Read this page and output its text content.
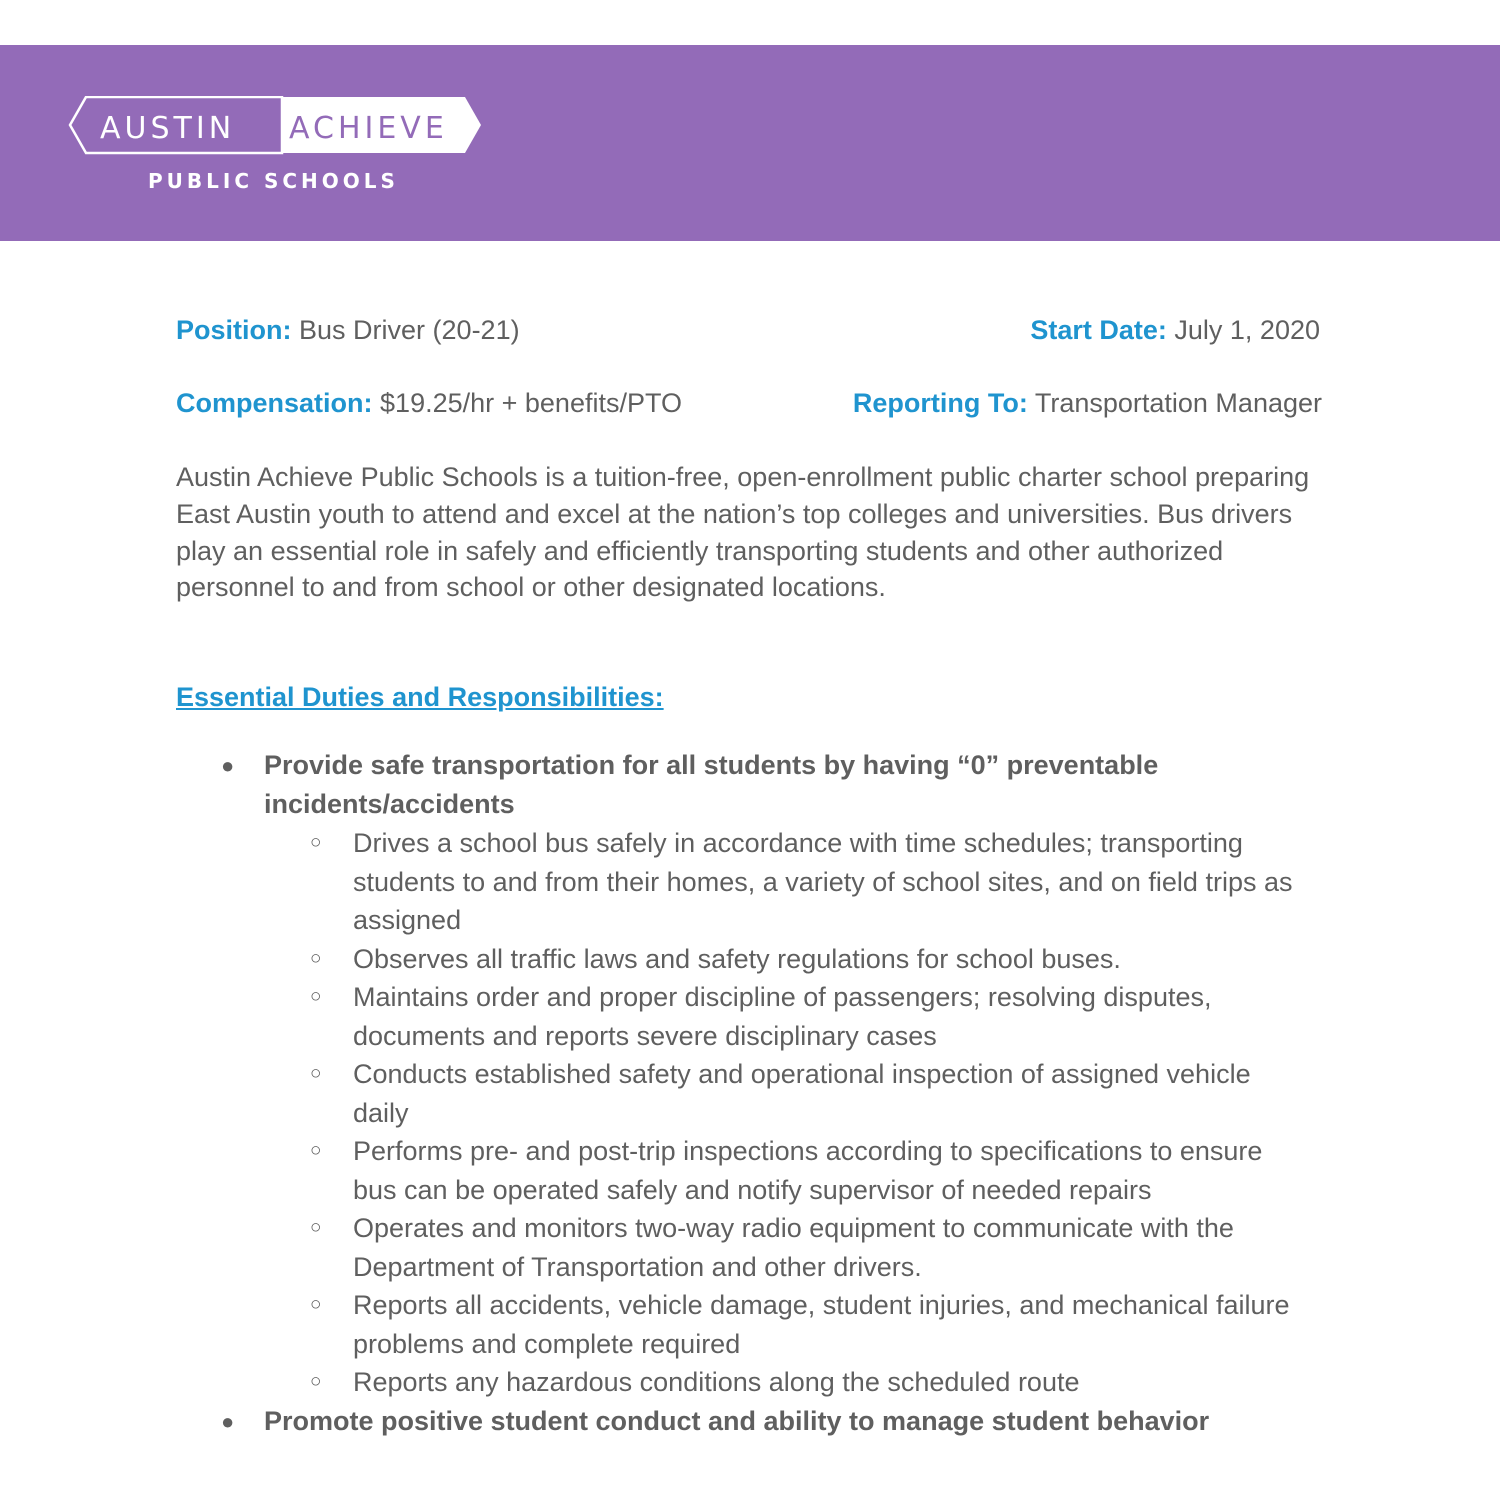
AUSTIN ACHIEVE
PUBLIC SCHOOLS
Position: Bus Driver (20-21)	Start Date: July 1, 2020
Compensation: $19.25/hr + benefits/PTO	Reporting To: Transportation Manager

Austin Achieve Public Schools is a tuition-free, open-enrollment public charter school preparing East Austin youth to attend and excel at the nation’s top colleges and universities. Bus drivers play an essential role in safely and efficiently transporting students and other authorized personnel to and from school or other designated locations.

Essential Duties and Responsibilities:
● Provide safe transportation for all students by having “0” preventable incidents/accidents
○ Drives a school bus safely in accordance with time schedules; transporting students to and from their homes, a variety of school sites, and on field trips as assigned
○ Observes all traffic laws and safety regulations for school buses.
○ Maintains order and proper discipline of passengers; resolving disputes, documents and reports severe disciplinary cases
○ Conducts established safety and operational inspection of assigned vehicle daily
○ Performs pre- and post-trip inspections according to specifications to ensure bus can be operated safely and notify supervisor of needed repairs
○ Operates and monitors two-way radio equipment to communicate with the Department of Transportation and other drivers.
○ Reports all accidents, vehicle damage, student injuries, and mechanical failure problems and complete required
○ Reports any hazardous conditions along the scheduled route
● Promote positive student conduct and ability to manage student behavior
